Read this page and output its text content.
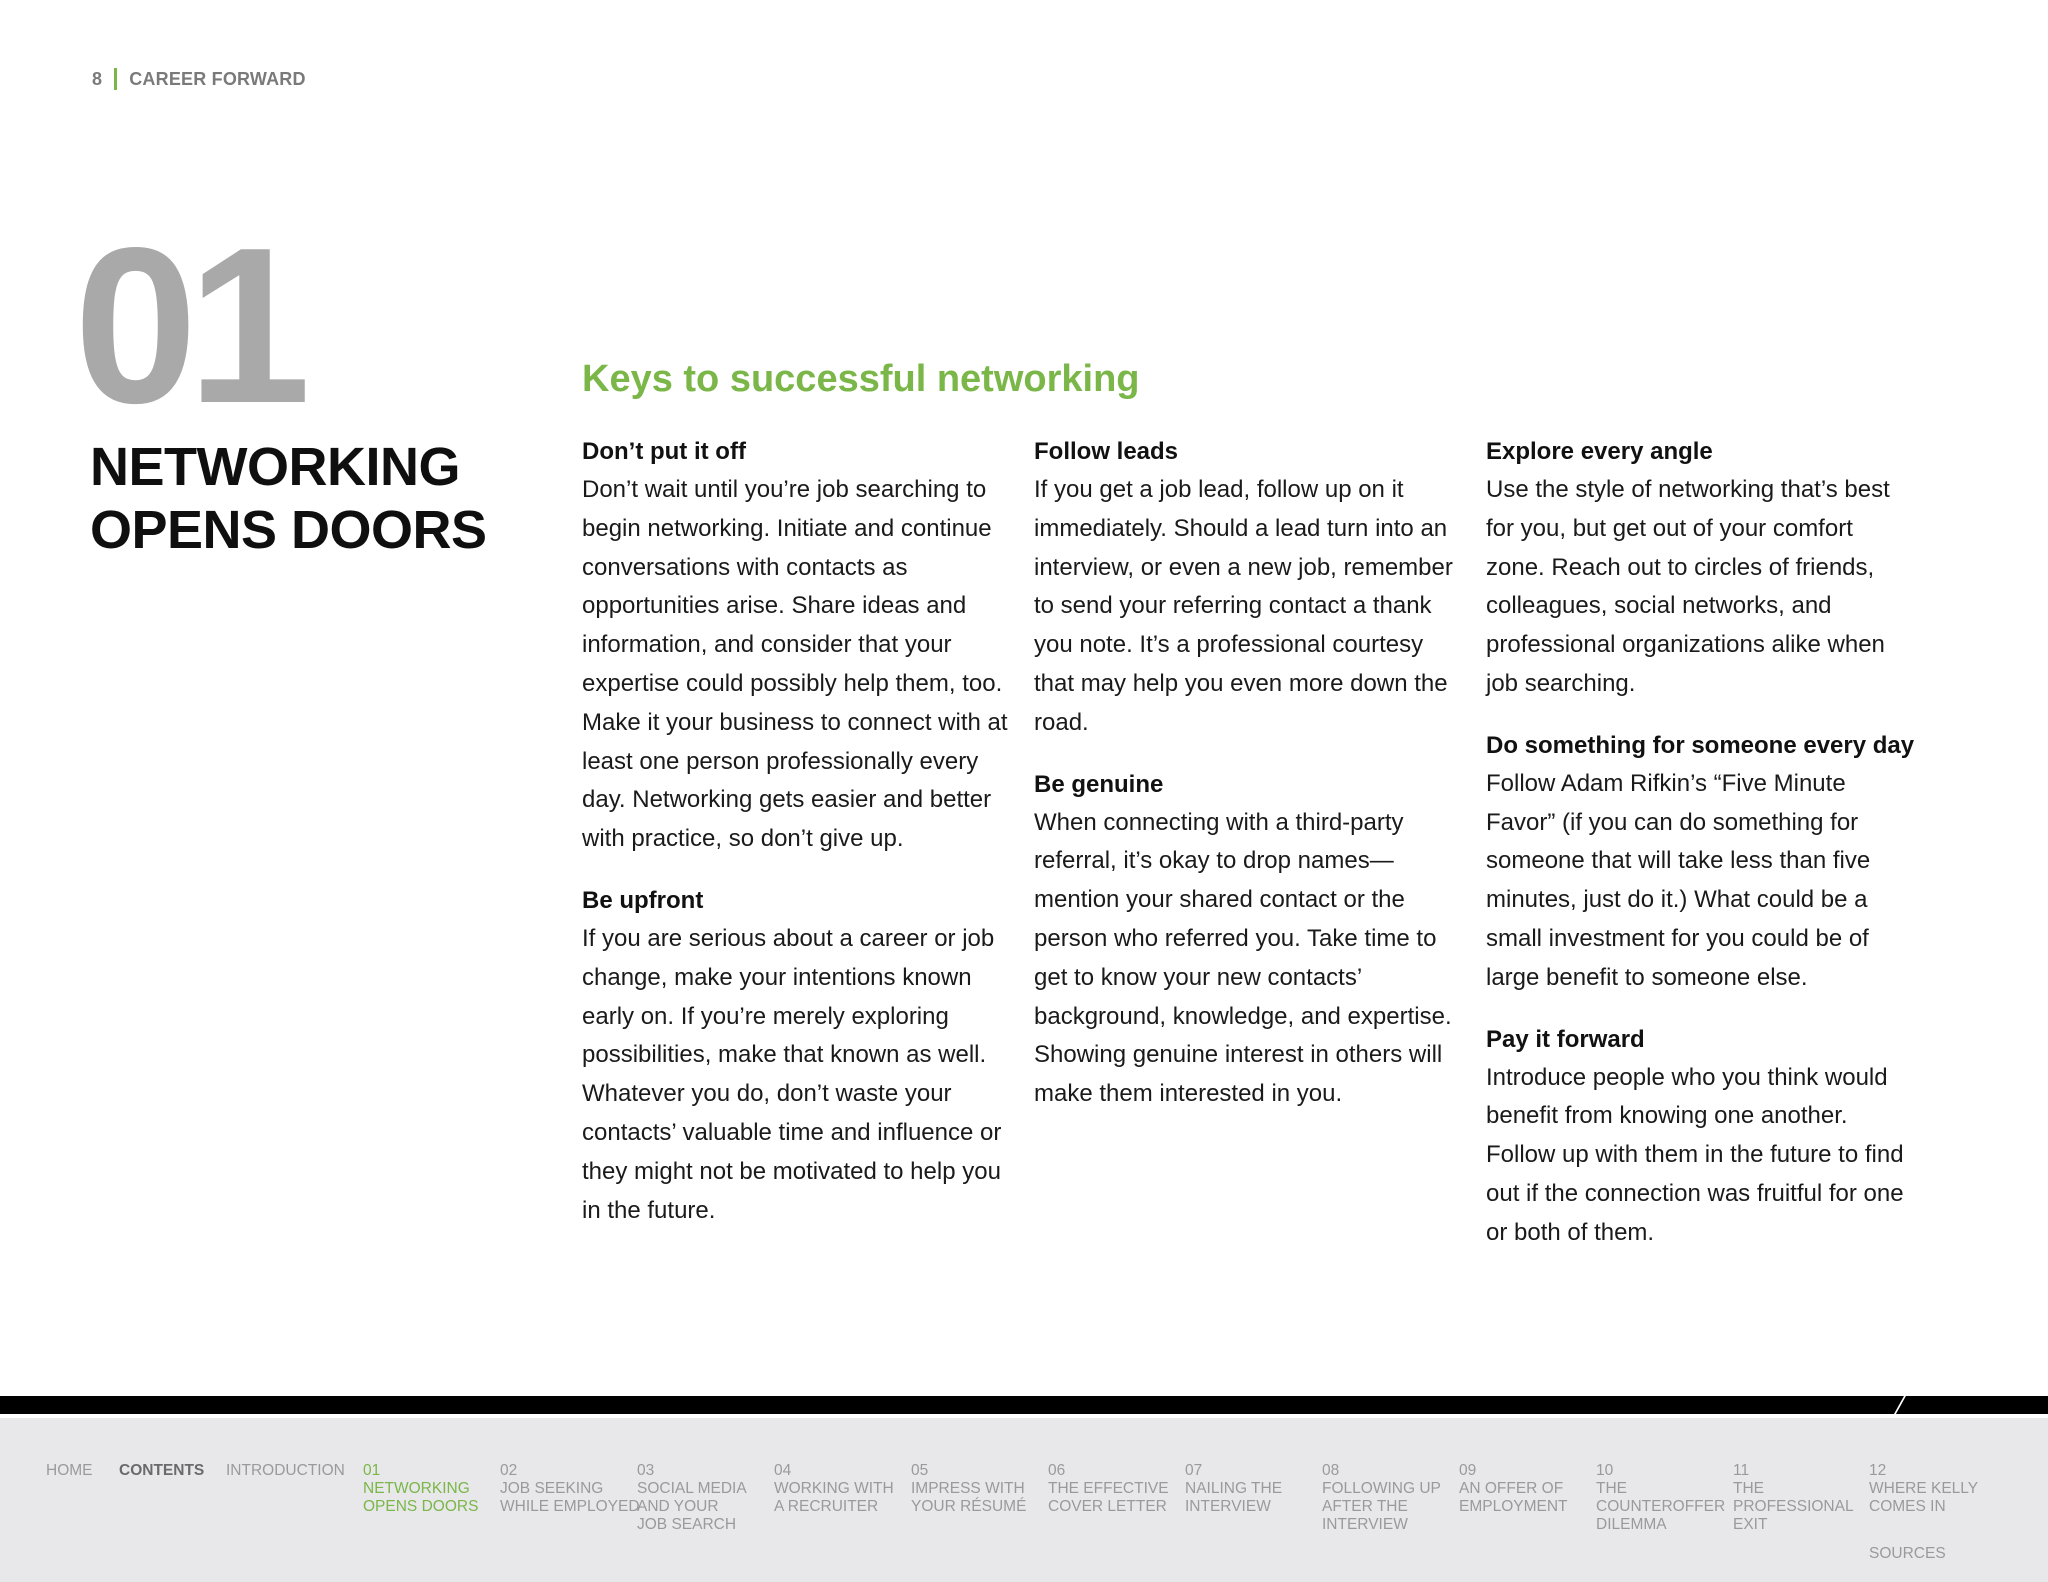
8 CAREER FORWARD
01
NETWORKING
OPENS DOORS
Keys to successful networking
Don’t put it off

Don’t wait until you’re job searching to begin networking. Initiate and continue conversations with contacts as opportunities arise. Share ideas and information, and consider that your expertise could possibly help them, too. Make it your business to connect with at least one person professionally every day. Networking gets easier and better with practice, so don’t give up.

Be upfront

If you are serious about a career or job change, make your intentions known early on. If you’re merely exploring possibilities, make that known as well. Whatever you do, don’t waste your contacts’ valuable time and influence or they might not be motivated to help you in the future.

Follow leads

If you get a job lead, follow up on it immediately. Should a lead turn into an interview, or even a new job, remember to send your referring contact a thank you note. It’s a professional courtesy that may help you even more down the road.

Be genuine

When connecting with a third-party referral, it’s okay to drop names—mention your shared contact or the person who referred you. Take time to get to know your new contacts’ background, knowledge, and expertise. Showing genuine interest in others will make them interested in you.

Explore every angle

Use the style of networking that’s best for you, but get out of your comfort zone. Reach out to circles of friends, colleagues, social networks, and professional organizations alike when job searching.

Do something for someone every day

Follow Adam Rifkin’s “Five Minute Favor” (if you can do something for someone that will take less than five minutes, just do it.) What could be a small investment for you could be of large benefit to someone else.

Pay it forward

Introduce people who you think would benefit from knowing one another. Follow up with them in the future to find out if the connection was fruitful for one or both of them.

HOME CONTENTS INTRODUCTION 01
NETWORKING
OPENS DOORS
02
JOB SEEKING
WHILE EMPLOYED
03
SOCIAL MEDIA
AND YOUR
JOB SEARCH
04
WORKING WITH
A RECRUITER
05
IMPRESS WITH
YOUR RÉSUMÉ
06
THE EFFECTIVE
COVER LETTER
07
NAILING THE
INTERVIEW
08
FOLLOWING UP
AFTER THE
INTERVIEW
09
AN OFFER OF
EMPLOYMENT
10
THE
COUNTEROFFER
DILEMMA
11
THE
PROFESSIONAL
EXIT
12
WHERE KELLY
COMES IN
SOURCES
